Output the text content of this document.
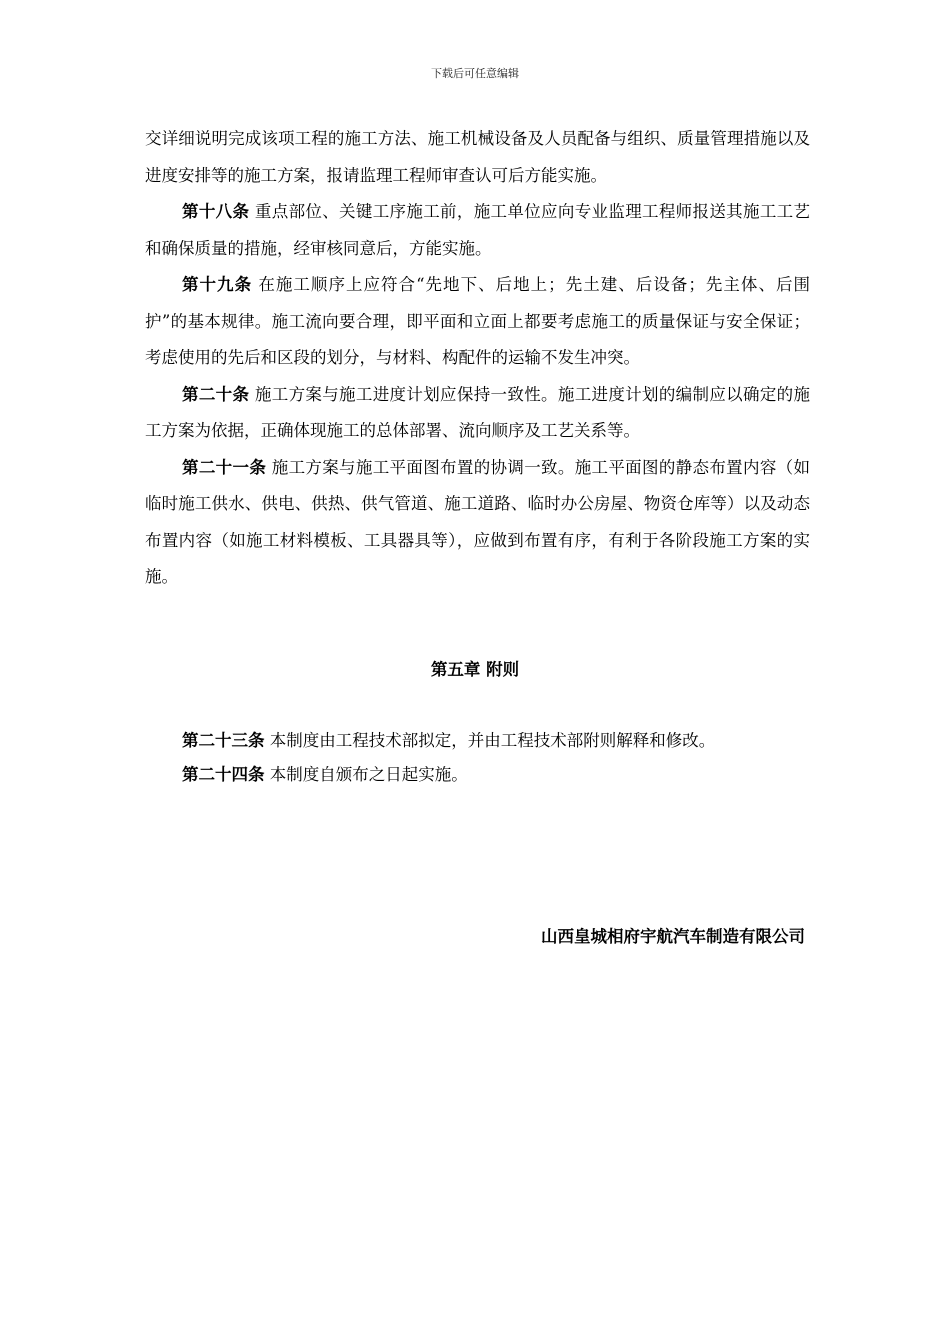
下载后可任意编辑

交详细说明完成该项工程的施工方法、施工机械设备及人员配备与组织、质量管理措施以及进度安排等的施工方案，报请监理工程师审查认可后方能实施。

第十八条 重点部位、关键工序施工前，施工单位应向专业监理工程师报送其施工工艺和确保质量的措施，经审核同意后，方能实施。

第十九条 在施工顺序上应符合“先地下、后地上；先土建、后设备；先主体、后围护”的基本规律。施工流向要合理，即平面和立面上都要考虑施工的质量保证与安全保证；考虑使用的先后和区段的划分，与材料、构配件的运输不发生冲突。

第二十条 施工方案与施工进度计划应保持一致性。施工进度计划的编制应以确定的施工方案为依据，正确体现施工的总体部署、流向顺序及工艺关系等。

第二十一条 施工方案与施工平面图布置的协调一致。施工平面图的静态布置内容（如临时施工供水、供电、供热、供气管道、施工道路、临时办公房屋、物资仓库等）以及动态布置内容（如施工材料模板、工具器具等），应做到布置有序，有利于各阶段施工方案的实施。

第五章 附则

第二十三条 本制度由工程技术部拟定，并由工程技术部附则解释和修改。

第二十四条 本制度自颁布之日起实施。

山西皇城相府宇航汽车制造有限公司
